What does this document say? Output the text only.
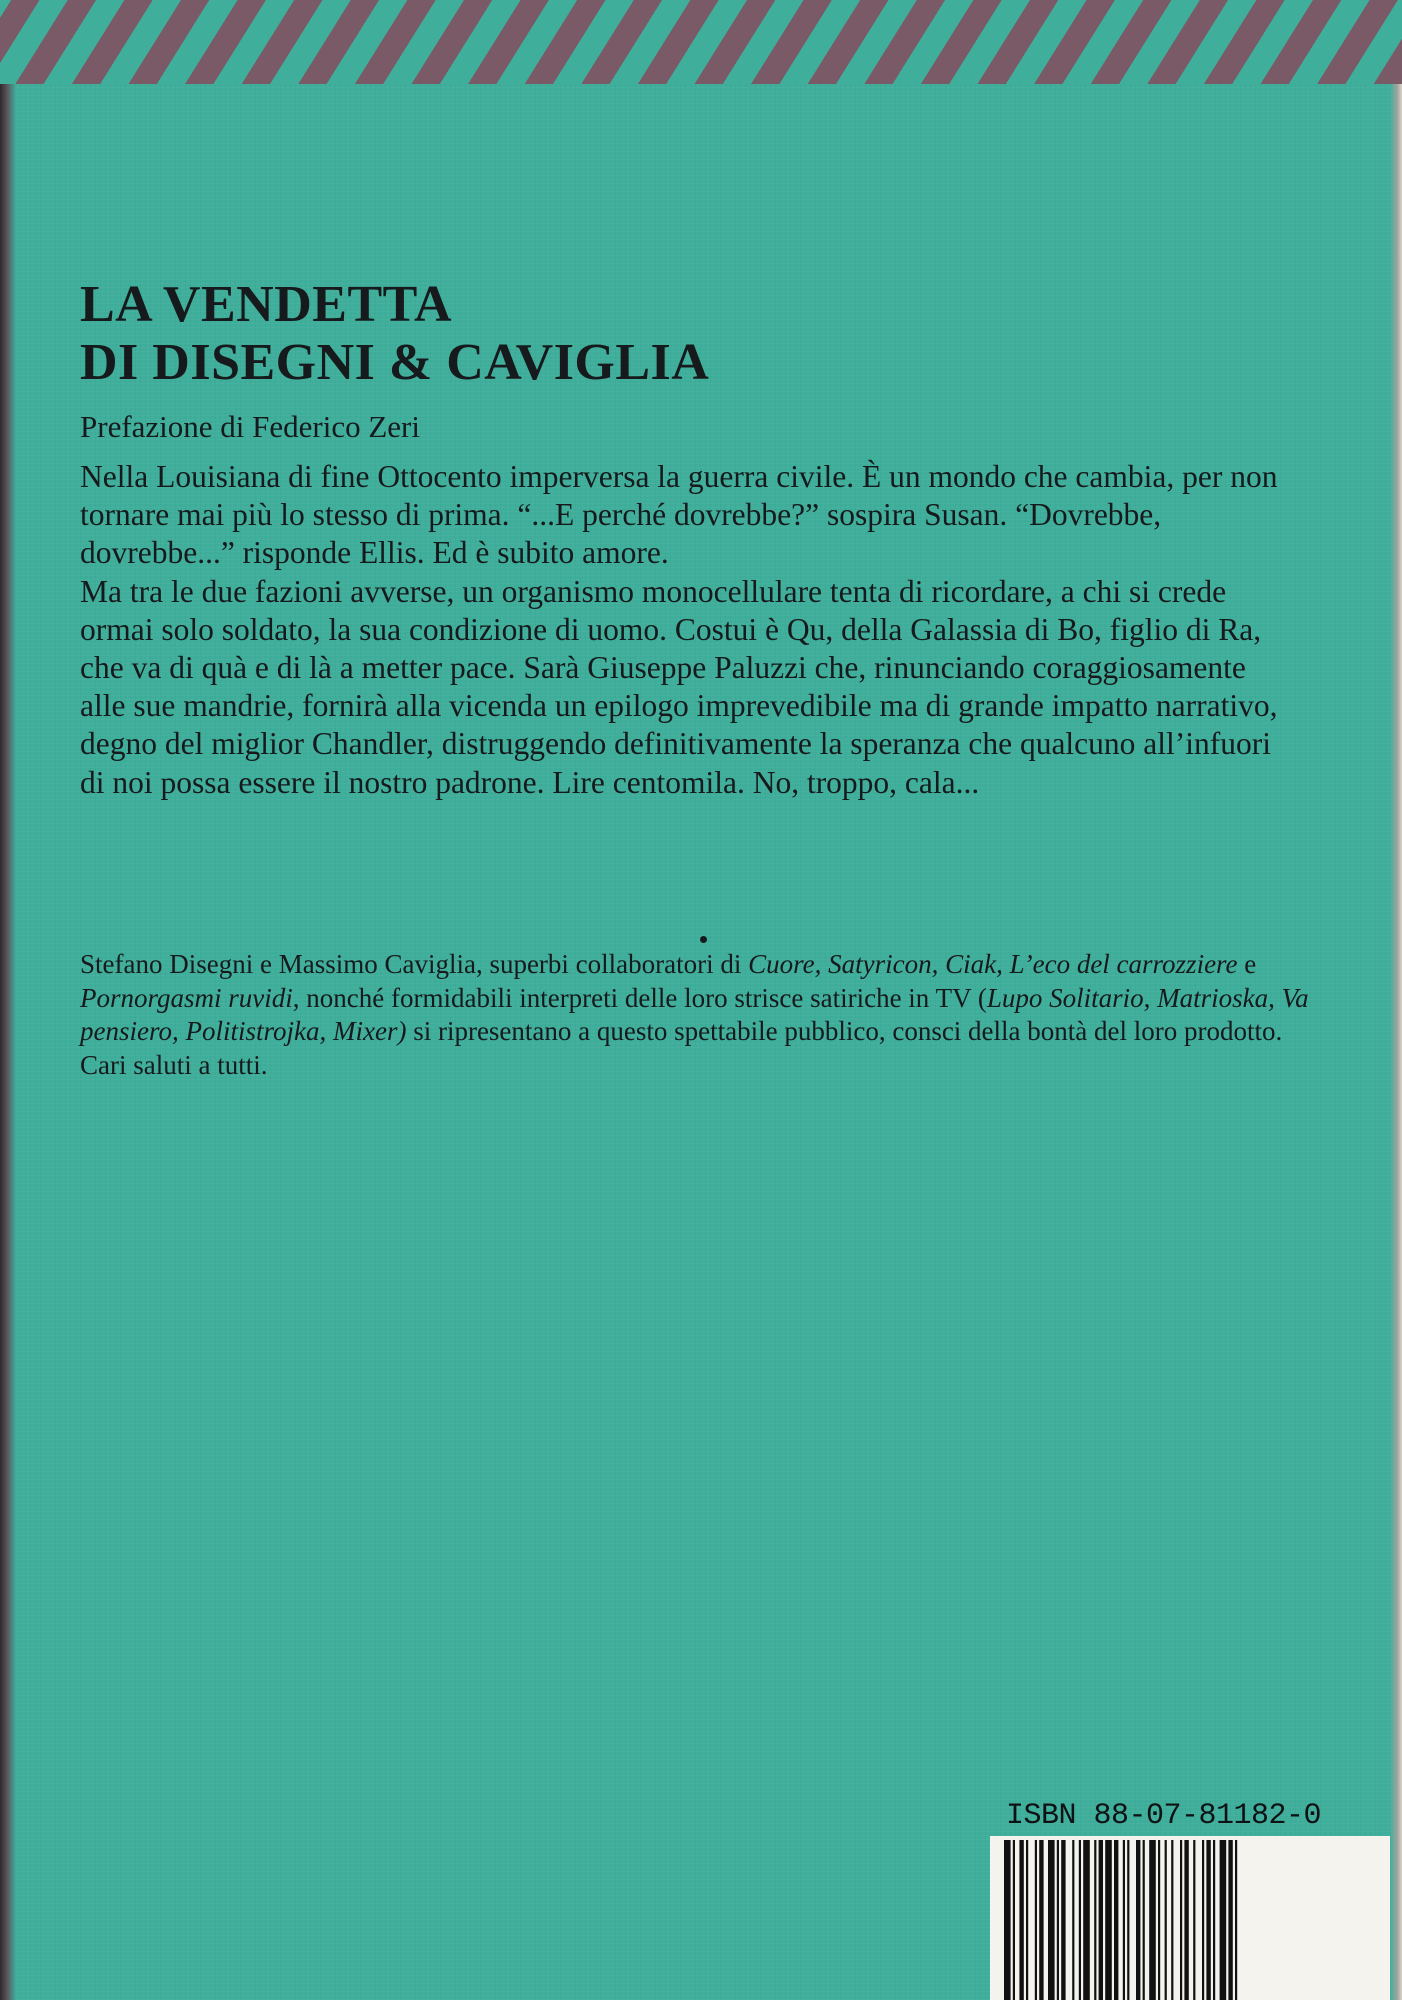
LA VENDETTA
DI DISEGNI & CAVIGLIA
Prefazione di Federico Zeri

Nella Louisiana di fine Ottocento imperversa la guerra civile. È un mondo che cambia, per non tornare mai più lo stesso di prima. “...E perché dovrebbe?” sospira Susan. “Dovrebbe, dovrebbe...” risponde Ellis. Ed è subito amore.

Ma tra le due fazioni avverse, un organismo monocellulare tenta di ricordare, a chi si crede ormai solo soldato, la sua condizione di uomo. Costui è Qu, della Galassia di Bo, figlio di Ra, che va di quà e di là a metter pace. Sarà Giuseppe Paluzzi che, rinunciando coraggiosamente alle sue mandrie, fornirà alla vicenda un epilogo imprevedibile ma di grande impatto narrativo, degno del miglior Chandler, distruggendo definitivamente la speranza che qualcuno all’infuori di noi possa essere il nostro padrone. Lire centomila. No, troppo, cala...

Stefano Disegni e Massimo Caviglia, superbi collaboratori di Cuore, Satyricon, Ciak, L’eco del carrozziere e Pornorgasmi ruvidi, nonché formidabili interpreti delle loro strisce satiriche in TV (Lupo Solitario, Matrioska, Va pensiero, Politistrojka, Mixer) si ripresentano a questo spettabile pubblico, consci della bontà del loro prodotto.

Cari saluti a tutti.

ISBN 88-07-81182-0
